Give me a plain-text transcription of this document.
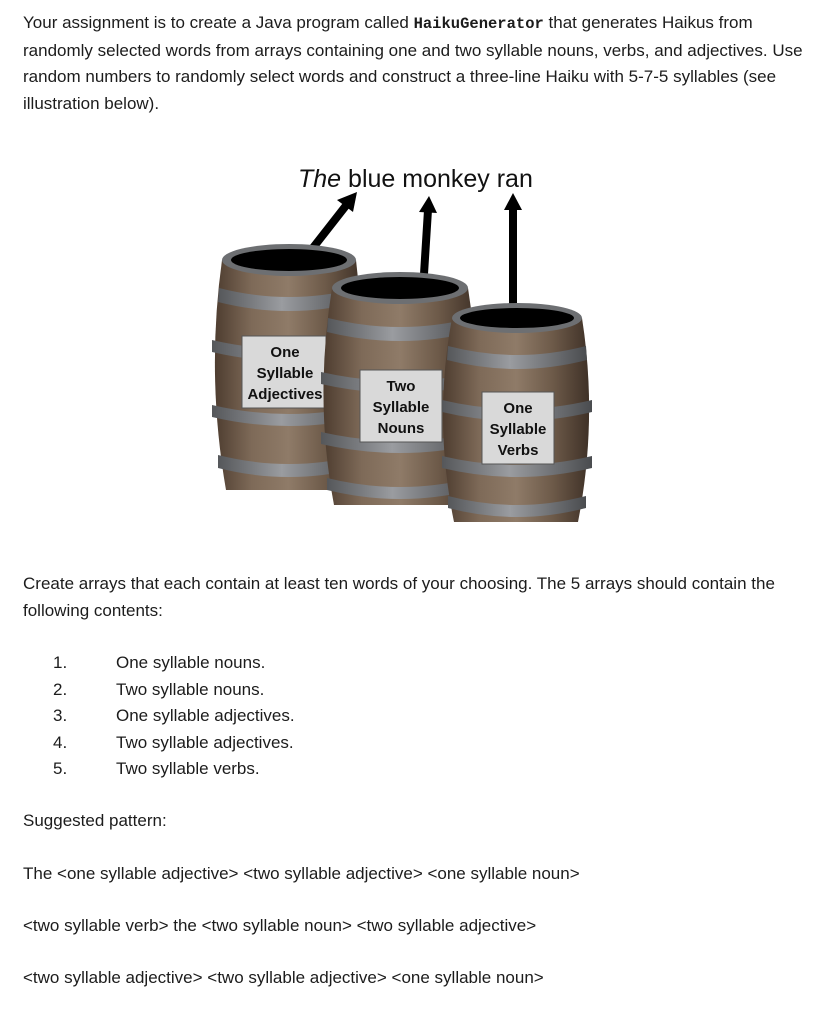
Your assignment is to create a Java program called HaikuGenerator that generates Haikus from randomly selected words from arrays containing one and two syllable nouns, verbs, and adjectives. Use random numbers to randomly select words and construct a three-line Haiku with 5-7-5 syllables (see illustration below).

The blue monkey ran
One
Syllable
Adjectives	Two
Syllable
Nouns
One
Syllable
Verbs

Create arrays that each contain at least ten words of your choosing. The 5 arrays should contain the following contents:

1.	One syllable nouns.
2.	Two syllable nouns.
3.	One syllable adjectives.
4.	Two syllable adjectives.
5.	Two syllable verbs.

Suggested pattern:

The <one syllable adjective> <two syllable adjective> <one syllable noun>

<two syllable verb> the <two syllable noun> <two syllable adjective>

<two syllable adjective> <two syllable adjective> <one syllable noun>
